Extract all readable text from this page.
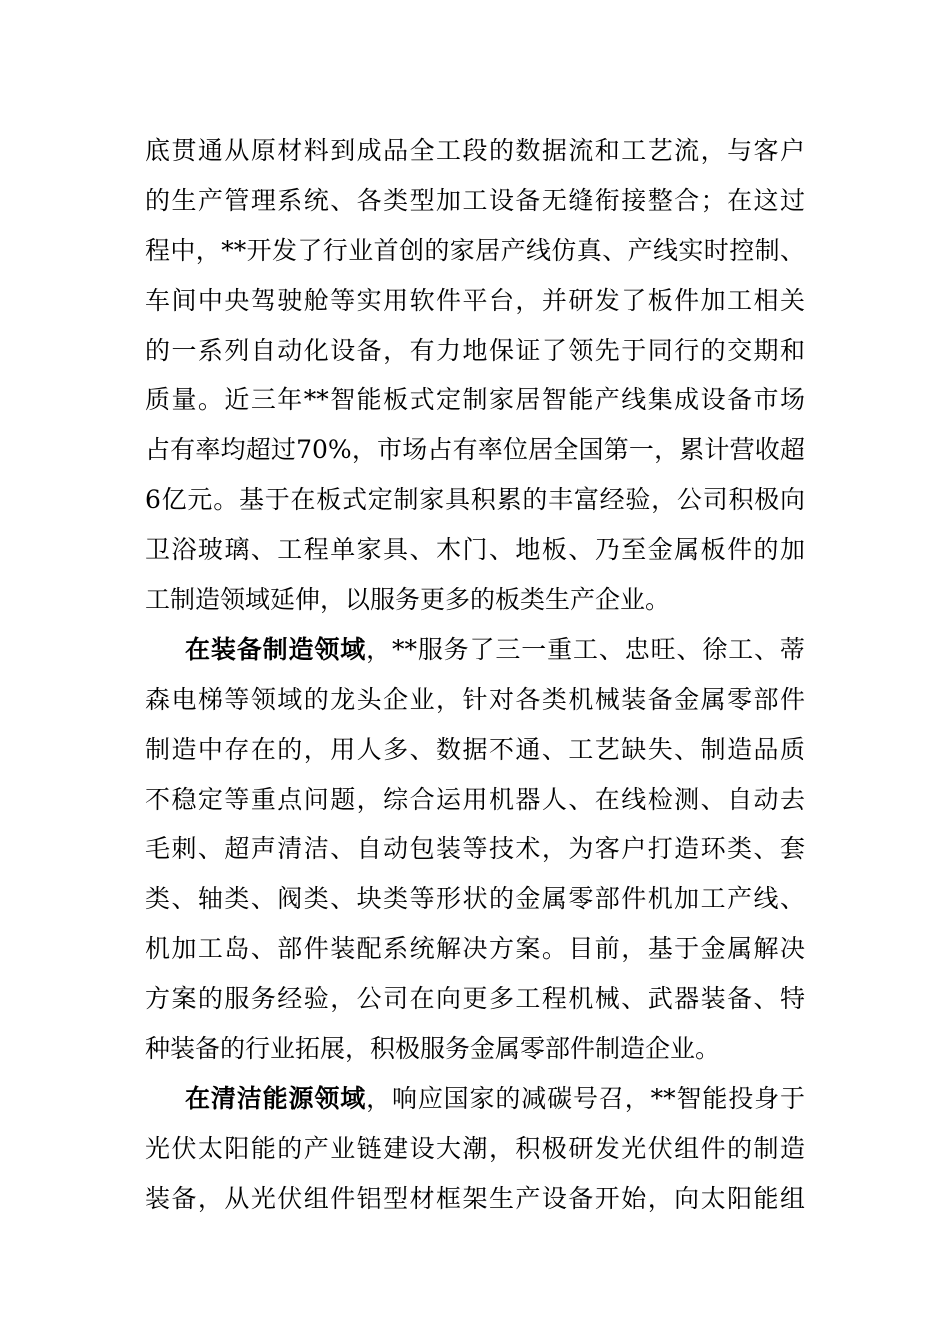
底贯通从原材料到成品全工段的数据流和工艺流，与客户
的生产管理系统、各类型加工设备无缝衔接整合；在这过
程中，**开发了行业首创的家居产线仿真、产线实时控制、
车间中央驾驶舱等实用软件平台，并研发了板件加工相关
的一系列自动化设备，有力地保证了领先于同行的交期和
质量。近三年**智能板式定制家居智能产线集成设备市场
占有率均超过70%，市场占有率位居全国第一，累计营收超
6亿元。基于在板式定制家具积累的丰富经验，公司积极向
卫浴玻璃、工程单家具、木门、地板、乃至金属板件的加
工制造领域延伸，以服务更多的板类生产企业。
在装备制造领域，**服务了三一重工、忠旺、徐工、蒂
森电梯等领域的龙头企业，针对各类机械装备金属零部件
制造中存在的，用人多、数据不通、工艺缺失、制造品质
不稳定等重点问题，综合运用机器人、在线检测、自动去
毛刺、超声清洁、自动包装等技术，为客户打造环类、套
类、轴类、阀类、块类等形状的金属零部件机加工产线、
机加工岛、部件装配系统解决方案。目前，基于金属解决
方案的服务经验，公司在向更多工程机械、武器装备、特
种装备的行业拓展，积极服务金属零部件制造企业。
在清洁能源领域，响应国家的减碳号召，**智能投身于
光伏太阳能的产业链建设大潮，积极研发光伏组件的制造
装备，从光伏组件铝型材框架生产设备开始，向太阳能组
